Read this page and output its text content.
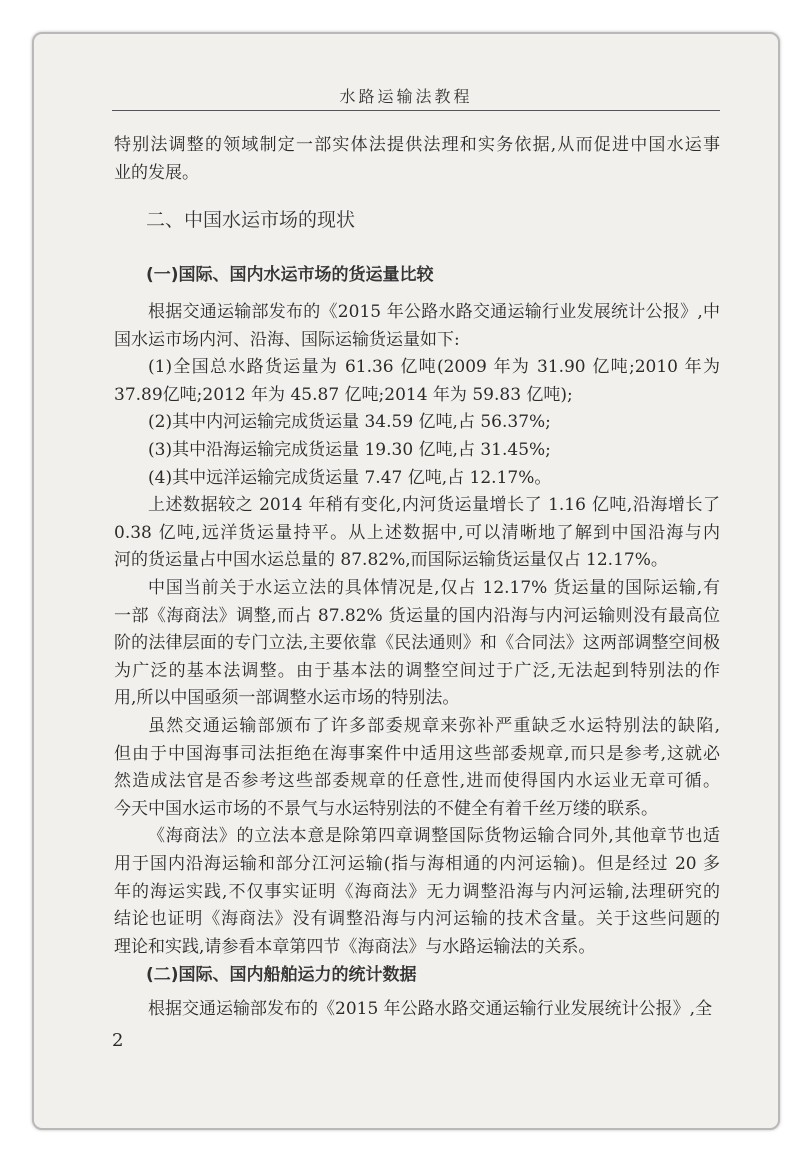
水路运输法教程
特别法调整的领域制定一部实体法提供法理和实务依据,从而促进中国水运事
业的发展。
二、中国水运市场的现状
(一)国际、国内水运市场的货运量比较
根据交通运输部发布的《2015 年公路水路交通运输行业发展统计公报》,中
国水运市场内河、沿海、国际运输货运量如下:
(1)全国总水路货运量为 61.36 亿吨(2009 年为 31.90 亿吨;2010 年为
37.89亿吨;2012 年为 45.87 亿吨;2014 年为 59.83 亿吨);
(2)其中内河运输完成货运量 34.59 亿吨,占 56.37%;
(3)其中沿海运输完成货运量 19.30 亿吨,占 31.45%;
(4)其中远洋运输完成货运量 7.47 亿吨,占 12.17%。
上述数据较之 2014 年稍有变化,内河货运量增长了 1.16 亿吨,沿海增长了
0.38 亿吨,远洋货运量持平。从上述数据中,可以清晰地了解到中国沿海与内
河的货运量占中国水运总量的 87.82%,而国际运输货运量仅占 12.17%。
中国当前关于水运立法的具体情况是,仅占 12.17% 货运量的国际运输,有
一部《海商法》调整,而占 87.82% 货运量的国内沿海与内河运输则没有最高位
阶的法律层面的专门立法,主要依靠《民法通则》和《合同法》这两部调整空间极
为广泛的基本法调整。由于基本法的调整空间过于广泛,无法起到特别法的作
用,所以中国亟须一部调整水运市场的特别法。
虽然交通运输部颁布了许多部委规章来弥补严重缺乏水运特别法的缺陷,
但由于中国海事司法拒绝在海事案件中适用这些部委规章,而只是参考,这就必
然造成法官是否参考这些部委规章的任意性,进而使得国内水运业无章可循。
今天中国水运市场的不景气与水运特别法的不健全有着千丝万缕的联系。
《海商法》的立法本意是除第四章调整国际货物运输合同外,其他章节也适
用于国内沿海运输和部分江河运输(指与海相通的内河运输)。但是经过 20 多
年的海运实践,不仅事实证明《海商法》无力调整沿海与内河运输,法理研究的
结论也证明《海商法》没有调整沿海与内河运输的技术含量。关于这些问题的
理论和实践,请参看本章第四节《海商法》与水路运输法的关系。
(二)国际、国内船舶运力的统计数据
根据交通运输部发布的《2015 年公路水路交通运输行业发展统计公报》,全
2
